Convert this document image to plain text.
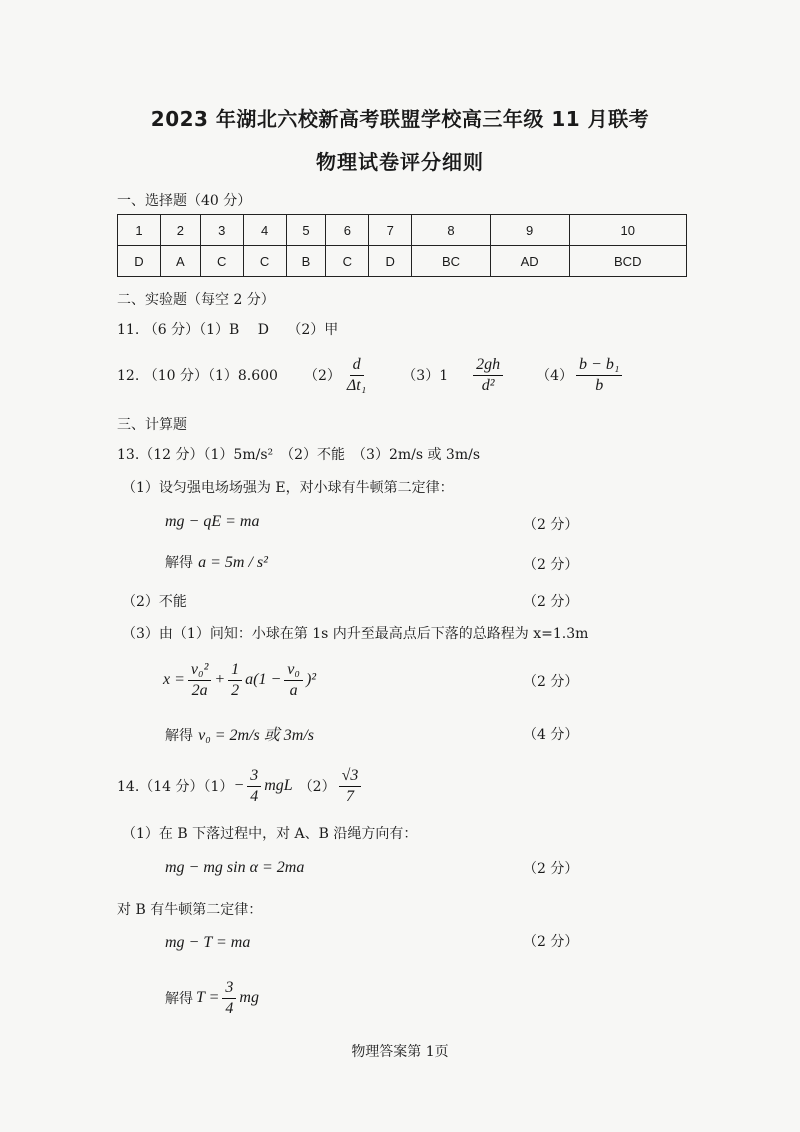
2023 年湖北六校新高考联盟学校高三年级 11 月联考
物理试卷评分细则
一、选择题（40 分）
1	2	3	4	5	6	7	8	9	10
D	A	C	C	B	C	D	BC	AD	BCD
二、实验题（每空 2 分）
11. （6 分）（1）B　 D　 （2）甲
12. （10 分）（1）8.600 $(2) \frac{d}{\text{Δt₁}} (3)1 \frac{2gh}{\text{d²}} (4) \frac{\text{b − b₁}}{b}$
三、计算题
13.（12 分）（1）5m/s²　（2）不能　（3）2m/s 或 3m/s
（1）设匀强电场场强为 E，对小球有牛顿第二定律：
mg − qE = ma	（2 分）
解得 a = 5m / s²	（2 分）
（2）不能	（2 分）
（3）由（1）问知：小球在第 1s 内升至最高点后下落的总路程为 x=1.3m
$x = \frac{\text{v₀²}}{2a} + \frac{1}{2} a(1 - \frac{\text{v₀}}{a} )^2$	（2 分）
解得 v₀ = 2m/s 或 3m/s	（4 分）
14.（14 分）$(1) - \frac{3}{4}$ mgL $(2) \frac{√3}{7}$
（1）在 B 下落过程中，对 A、B 沿绳方向有：
mg − mg sin α = 2ma	（2 分）
对 B 有牛顿第二定律：
mg − T = ma	（2 分）
解得 $T = \frac{3}{4}$ mg
物理答案第 1页
